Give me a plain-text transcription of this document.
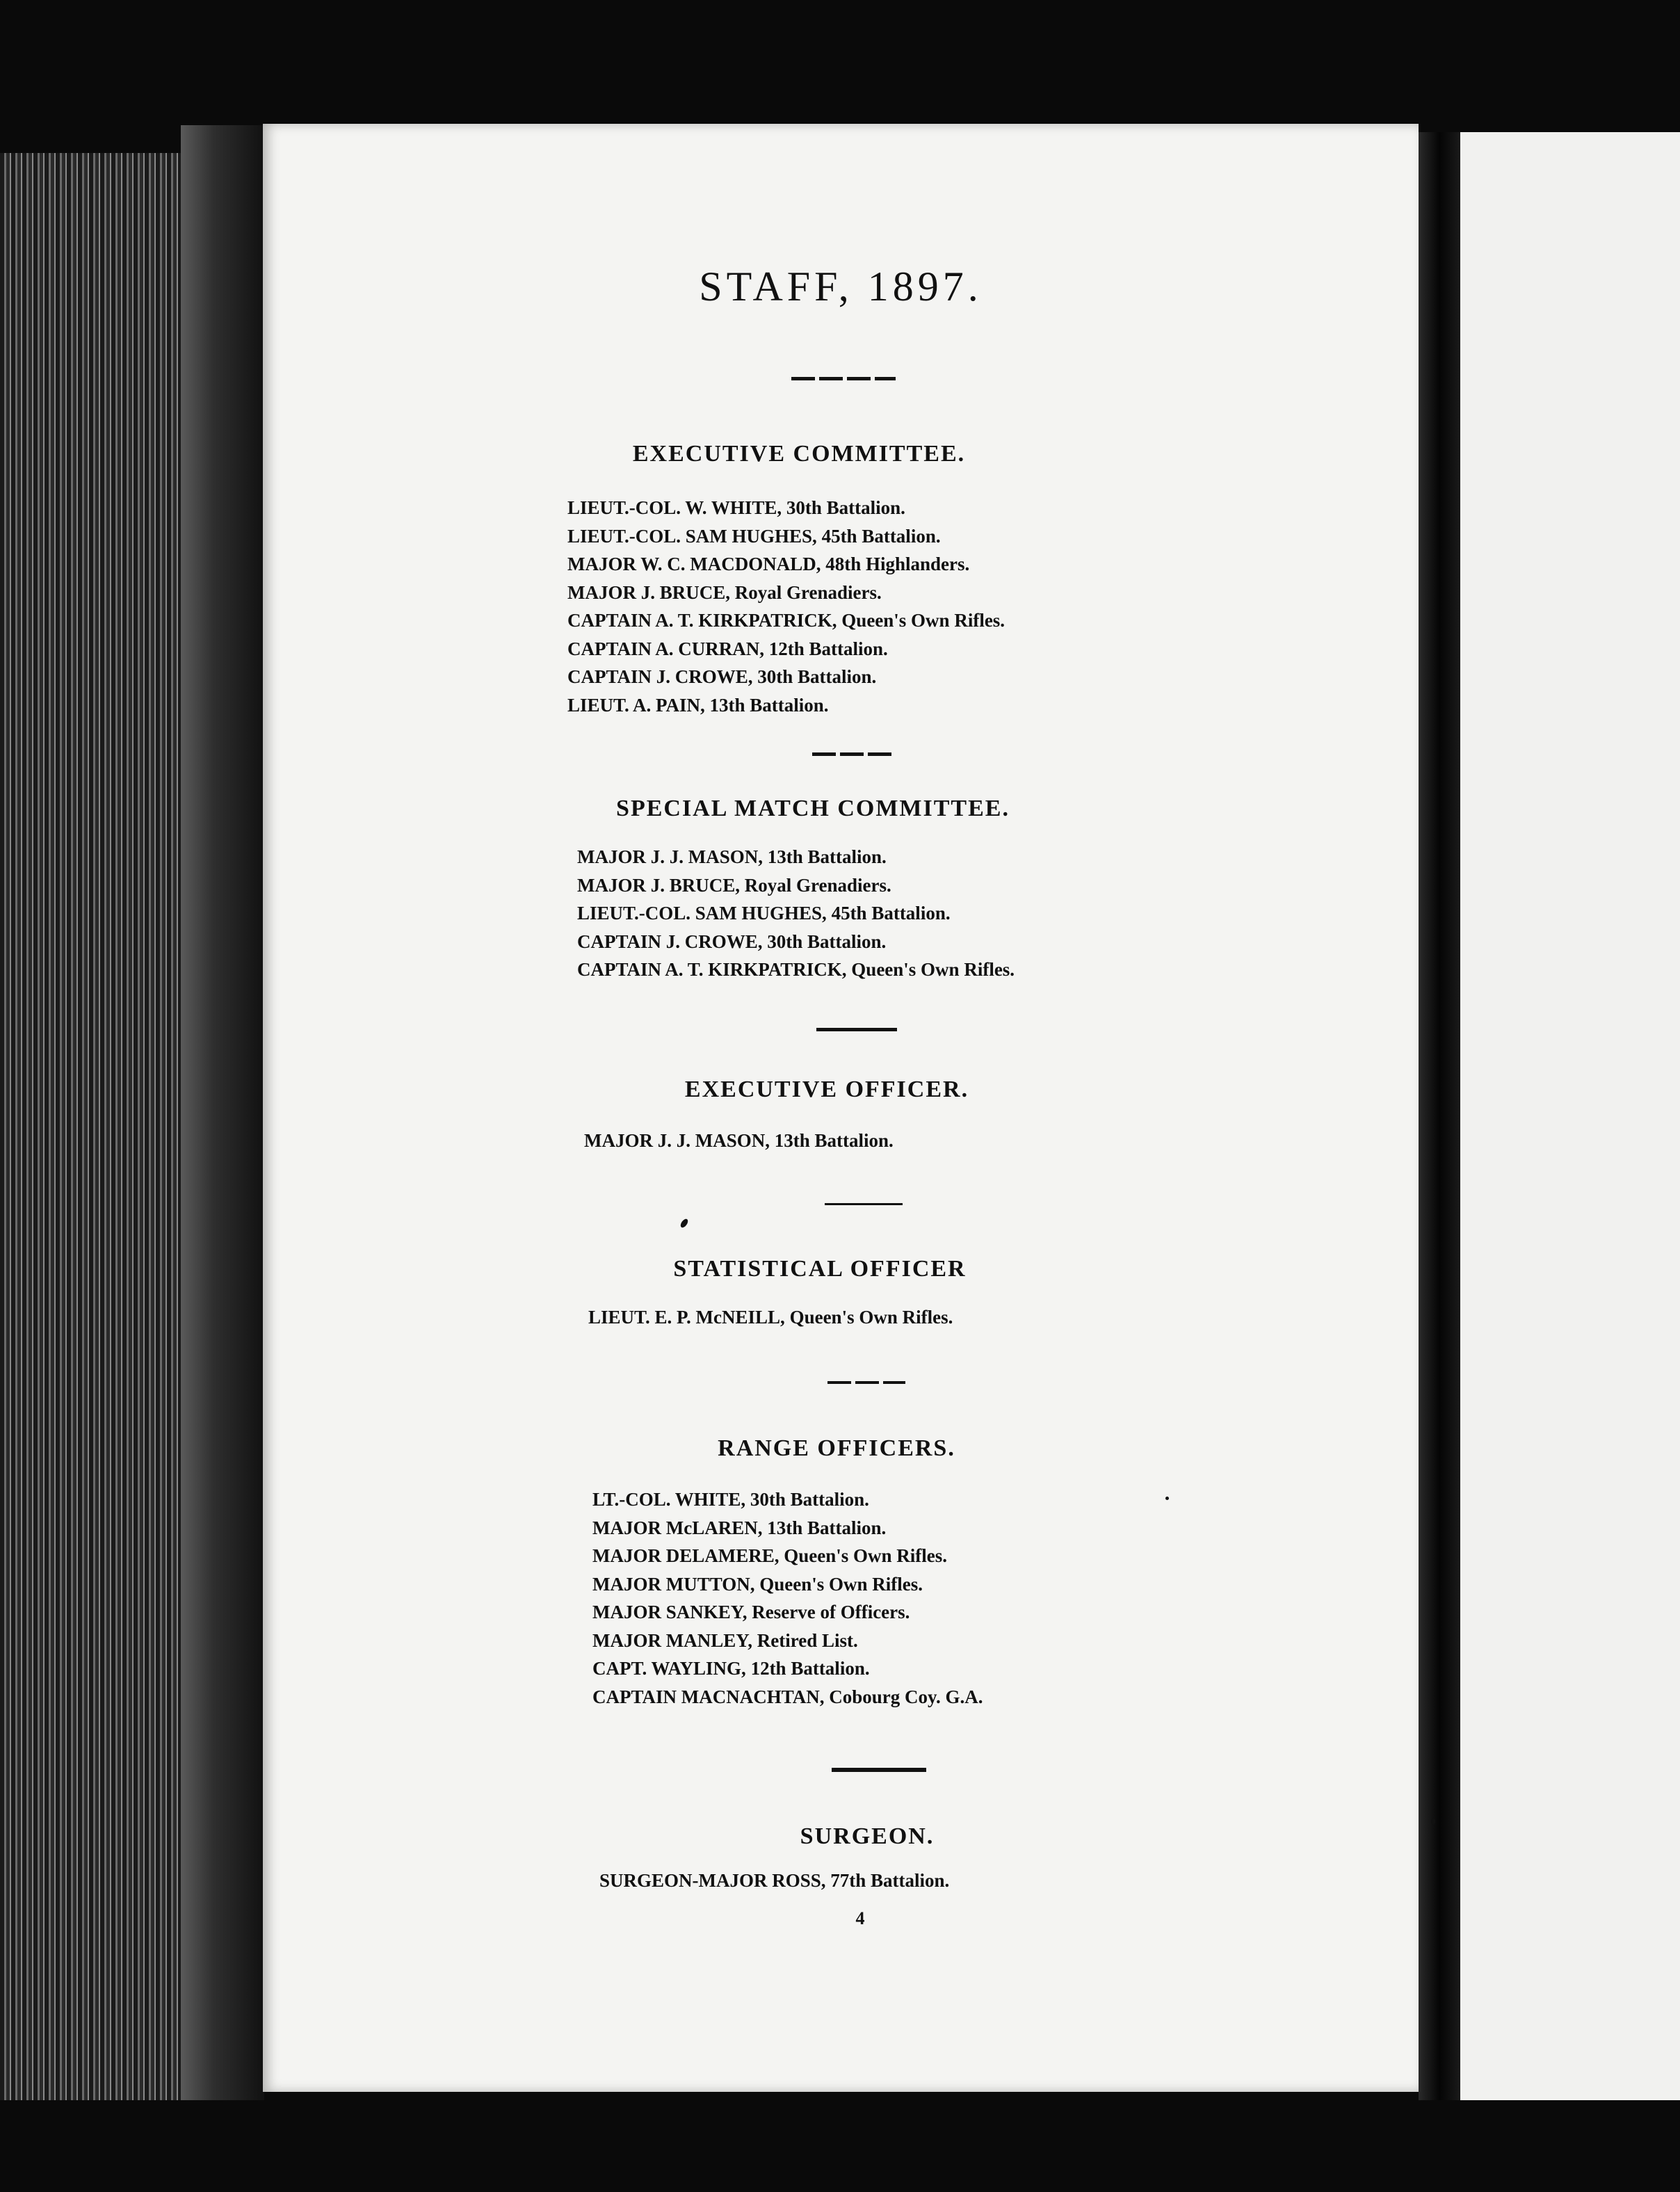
STAFF, 1897.
EXECUTIVE COMMITTEE.
LIEUT.-COL. W. WHITE, 30th Battalion.
LIEUT.-COL. SAM HUGHES, 45th Battalion.
MAJOR W. C. MACDONALD, 48th Highlanders.
MAJOR J. BRUCE, Royal Grenadiers.
CAPTAIN A. T. KIRKPATRICK, Queen's Own Rifles.
CAPTAIN A. CURRAN, 12th Battalion.
CAPTAIN J. CROWE, 30th Battalion.
LIEUT. A. PAIN, 13th Battalion.
SPECIAL MATCH COMMITTEE.
MAJOR J. J. MASON, 13th Battalion.
MAJOR J. BRUCE, Royal Grenadiers.
LIEUT.-COL. SAM HUGHES, 45th Battalion.
CAPTAIN J. CROWE, 30th Battalion.
CAPTAIN A. T. KIRKPATRICK, Queen's Own Rifles.
EXECUTIVE OFFICER.
MAJOR J. J. MASON, 13th Battalion.
STATISTICAL OFFICER
LIEUT. E. P. McNEILL, Queen's Own Rifles.
RANGE OFFICERS.
LT.-COL. WHITE, 30th Battalion.
MAJOR McLAREN, 13th Battalion.
MAJOR DELAMERE, Queen's Own Rifles.
MAJOR MUTTON, Queen's Own Rifles.
MAJOR SANKEY, Reserve of Officers.
MAJOR MANLEY, Retired List.
CAPT. WAYLING, 12th Battalion.
CAPTAIN MACNACHTAN, Cobourg Coy. G.A.
SURGEON.
SURGEON-MAJOR ROSS, 77th Battalion.
4
